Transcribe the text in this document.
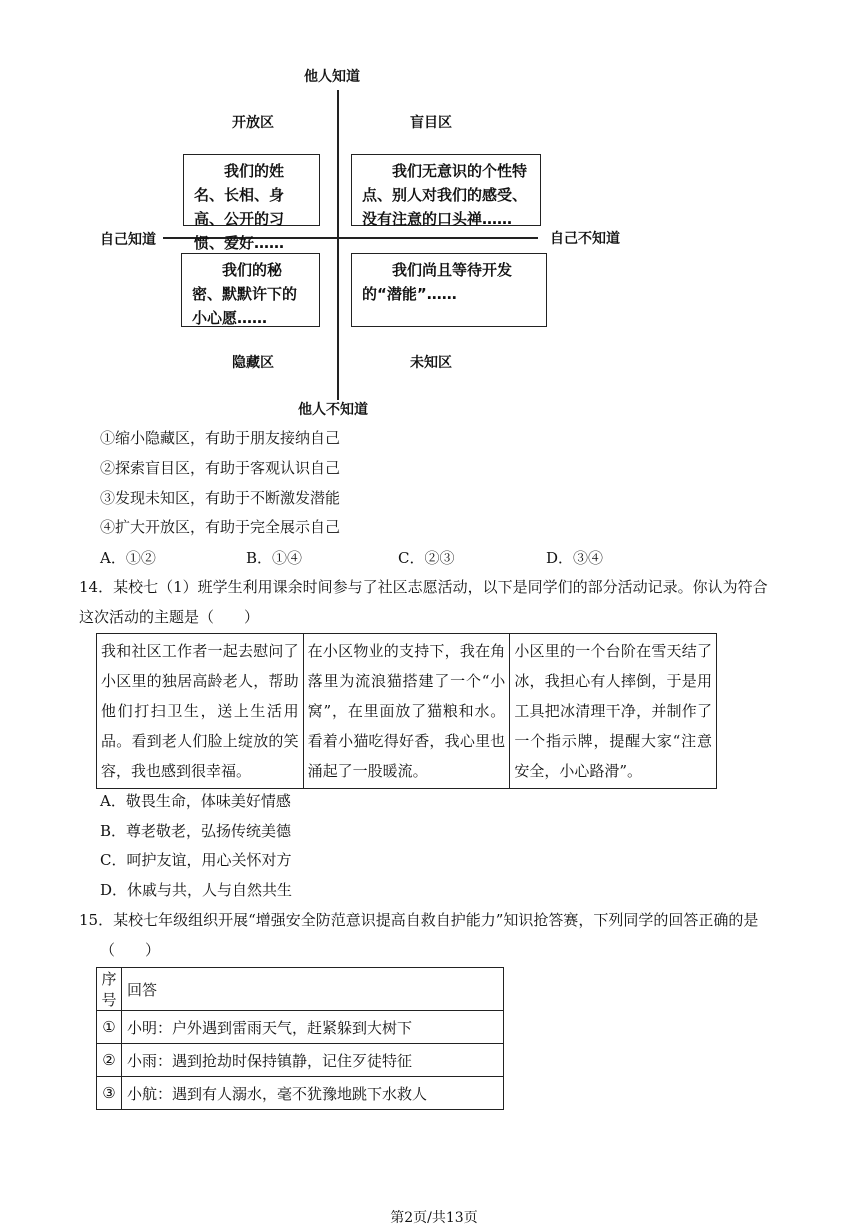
他人知道
他人不知道
自己知道	自己不知道
开放区	盲目区
隐藏区	未知区
我们的姓名、长相、身高、公开的习惯、爱好……
我们无意识的个性特点、别人对我们的感受、没有注意的口头禅……
我们的秘密、默默许下的小心愿……
我们尚且等待开发的“潜能”……
①缩小隐藏区，有助于朋友接纳自己
②探索盲目区，有助于客观认识自己
③发现未知区，有助于不断激发潜能
④扩大开放区，有助于完全展示自己
A．①②	B．①④	C．②③	D．③④
14．某校七（1）班学生利用课余时间参与了社区志愿活动，以下是同学们的部分活动记录。你认为符合
这次活动的主题是（　　）
我和社区工作者一起去慰问了小区里的独居高龄老人，帮助他们打扫卫生，送上生活用品。看到老人们脸上绽放的笑容，我也感到很幸福。	在小区物业的支持下，我在角落里为流浪猫搭建了一个“小窝”，在里面放了猫粮和水。看着小猫吃得好香，我心里也涌起了一股暖流。	小区里的一个台阶在雪天结了冰，我担心有人摔倒，于是用工具把冰清理干净，并制作了一个指示牌，提醒大家“注意安全，小心路滑”。
A．敬畏生命，体味美好情感
B．尊老敬老，弘扬传统美德
C．呵护友谊，用心关怀对方
D．休戚与共，人与自然共生
15．某校七年级组织开展“增强安全防范意识提高自救自护能力”知识抢答赛，下列同学的回答正确的是
（　　）
序号	回答
①	小明：户外遇到雷雨天气，赶紧躲到大树下
②	小雨：遇到抢劫时保持镇静，记住歹徒特征
③	小航：遇到有人溺水，毫不犹豫地跳下水救人
第2页/共13页
